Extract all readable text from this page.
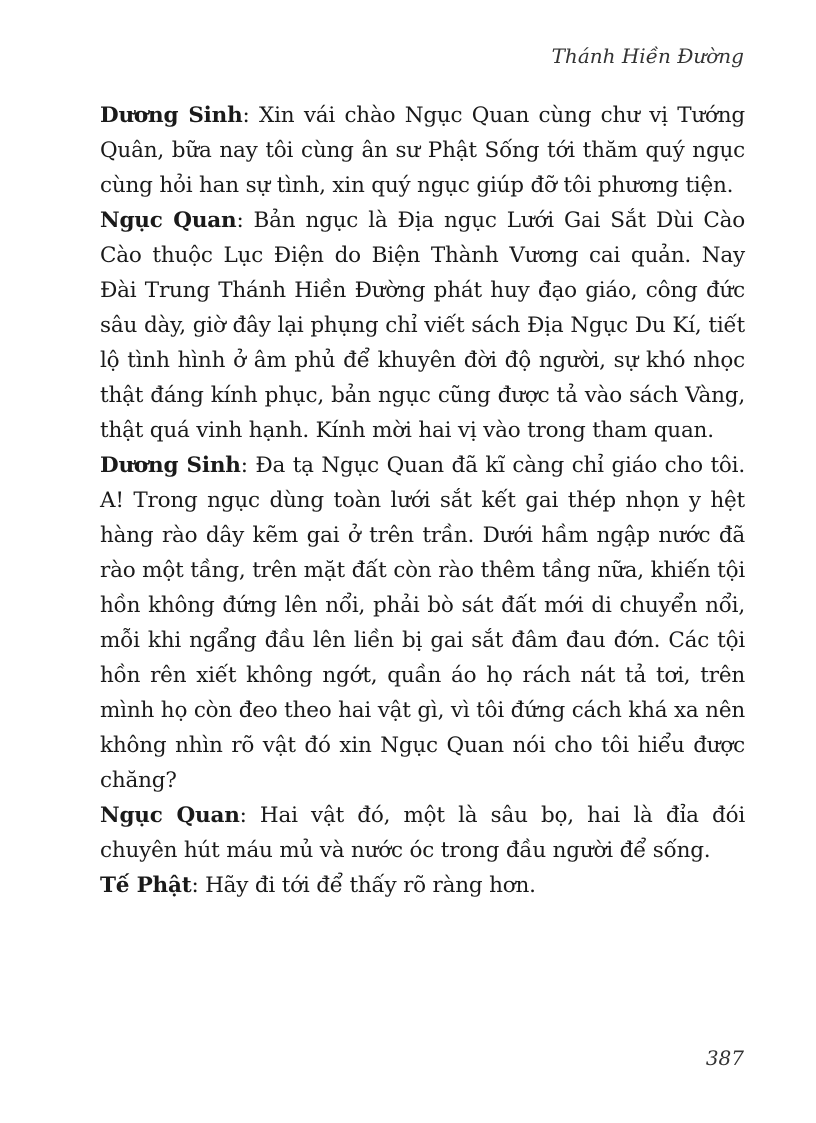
Thánh Hiền Đường

Dương Sinh: Xin vái chào Ngục Quan cùng chư vị Tướng Quân, bữa nay tôi cùng ân sư Phật Sống tới thăm quý ngục cùng hỏi han sự tình, xin quý ngục giúp đỡ tôi phương tiện.

Ngục Quan: Bản ngục là Địa ngục Lưới Gai Sắt Dùi Cào Cào thuộc Lục Điện do Biện Thành Vương cai quản. Nay Đài Trung Thánh Hiền Đường phát huy đạo giáo, công đức sâu dày, giờ đây lại phụng chỉ viết sách Địa Ngục Du Kí, tiết lộ tình hình ở âm phủ để khuyên đời độ người, sự khó nhọc thật đáng kính phục, bản ngục cũng được tả vào sách Vàng, thật quá vinh hạnh. Kính mời hai vị vào trong tham quan.

Dương Sinh: Đa tạ Ngục Quan đã kĩ càng chỉ giáo cho tôi. A! Trong ngục dùng toàn lưới sắt kết gai thép nhọn y hệt hàng rào dây kẽm gai ở trên trần. Dưới hầm ngập nước đã rào một tầng, trên mặt đất còn rào thêm tầng nữa, khiến tội hồn không đứng lên nổi, phải bò sát đất mới di chuyển nổi, mỗi khi ngẩng đầu lên liền bị gai sắt đâm đau đớn. Các tội hồn rên xiết không ngớt, quần áo họ rách nát tả tơi, trên mình họ còn đeo theo hai vật gì, vì tôi đứng cách khá xa nên không nhìn rõ vật đó xin Ngục Quan nói cho tôi hiểu được chăng?

Ngục Quan: Hai vật đó, một là sâu bọ, hai là đỉa đói chuyên hút máu mủ và nước óc trong đầu người để sống.

Tế Phật: Hãy đi tới để thấy rõ ràng hơn.

387
